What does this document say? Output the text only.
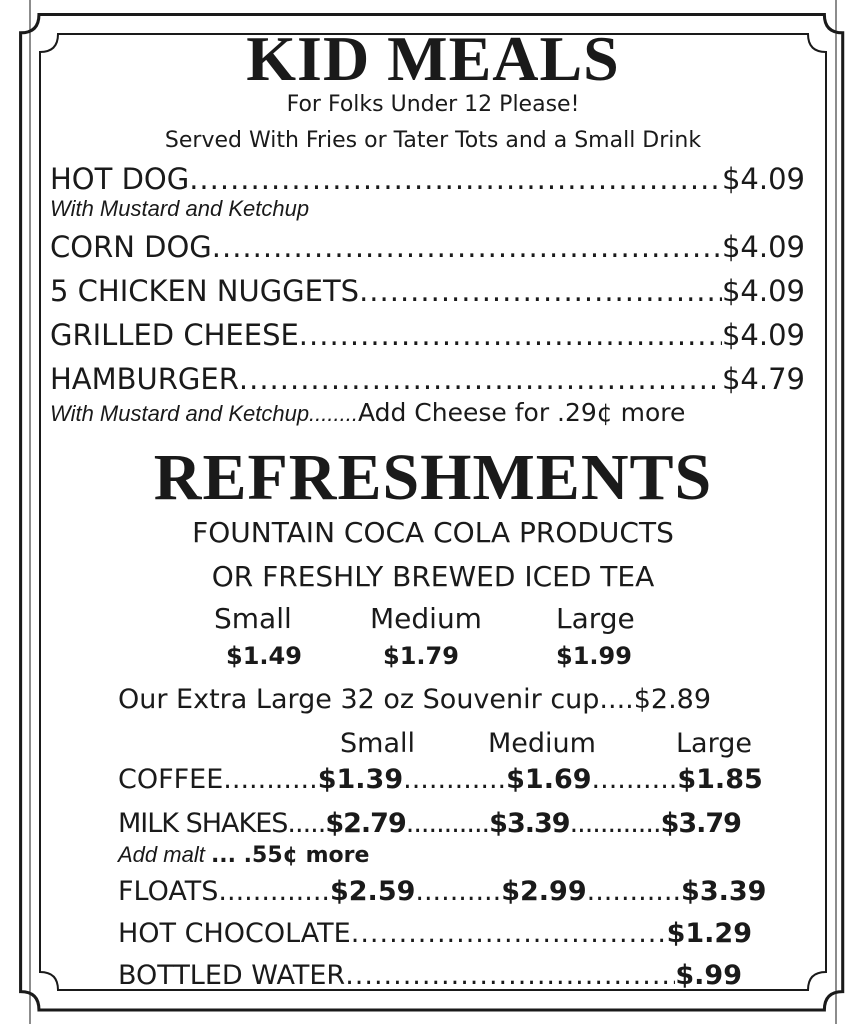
KID MEALS
For Folks Under 12 Please!
Served With Fries or Tater Tots and a Small Drink
HOT DOG .....	$4.09
With Mustard and Ketchup
CORN DOG .....	$4.09
5 CHICKEN NUGGETS .....	$4.09
GRILLED CHEESE .....	$4.09
HAMBURGER .....	$4.79
With Mustard and Ketchup........Add Cheese for .29¢ more
REFRESHMENTS
FOUNTAIN COCA COLA PRODUCTS
OR FRESHLY BREWED ICED TEA
Small	Medium	Large
$1.49	$1.79	$1.99
Our Extra Large 32 oz Souvenir cup....$2.89
Small	Medium	Large
COFFEE...........$1.39............$1.69..........$1.85
MILK SHAKES.....$2.79...........$3.39............$3.79
Add malt ... .55¢ more
FLOATS.............$2.59..........$2.99...........$3.39
HOT CHOCOLATE .....	$1.29
BOTTLED WATER .....	$.99
